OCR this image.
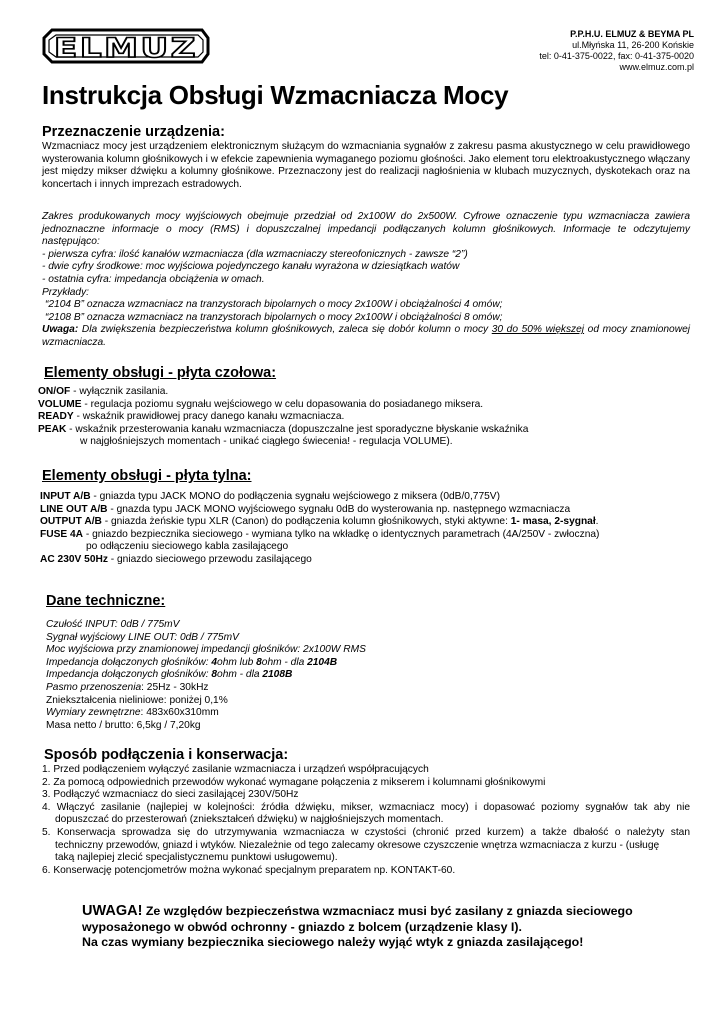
ELMUZ	P.P.H.U. ELMUZ & BEYMA PL
ul.Młyńska 11, 26-200 Końskie
tel: 0-41-375-0022, fax: 0-41-375-0020
www.elmuz.com.pl
Instrukcja Obsługi Wzmacniacza Mocy
Przeznaczenie urządzenia:
Wzmacniacz mocy jest urządzeniem elektronicznym służącym do wzmacniania sygnałów z zakresu pasma akustycznego w celu prawidłowego wysterowania kolumn głośnikowych i w efekcie zapewnienia wymaganego poziomu głośności. Jako element toru elektroakustycznego włączany jest między mikser dźwięku a kolumny głośnikowe. Przeznaczony jest do realizacji nagłośnienia w klubach muzycznych, dyskotekach oraz na koncertach i innych imprezach estradowych.

Zakres produkowanych mocy wyjściowych obejmuje przedział od 2x100W do 2x500W. Cyfrowe oznaczenie typu wzmacniacza zawiera jednoznaczne informacje o mocy (RMS) i dopuszczalnej impedancji podłączanych kolumn głośnikowych. Informacje te odczytujemy następująco:

- pierwsza cyfra: ilość kanałów wzmacniacza (dla wzmacniaczy stereofonicznych - zawsze “2”)

- dwie cyfry środkowe: moc wyjściowa pojedynczego kanału wyrażona w dziesiątkach watów

- ostatnia cyfra: impedancja obciążenia w omach.

Przykłady:

“2104 B” oznacza wzmacniacz na tranzystorach bipolarnych o mocy 2x100W i obciążalności 4 omów;

“2108 B” oznacza wzmacniacz na tranzystorach bipolarnych o mocy 2x100W i obciążalności 8 omów;

Uwaga: Dla zwiększenia bezpieczeństwa kolumn głośnikowych, zaleca się dobór kolumn o mocy 30 do 50% większej od mocy znamionowej wzmacniacza.

Elementy obsługi - płyta czołowa:

ON/OF - wyłącznik zasilania.

VOLUME - regulacja poziomu sygnału wejściowego w celu dopasowania do posiadanego miksera.

READY - wskaźnik prawidłowej pracy danego kanału wzmacniacza.

PEAK - wskaźnik przesterowania kanału wzmacniacza (dopuszczalne jest sporadyczne błyskanie wskaźnika

w najgłośniejszych momentach - unikać ciągłego świecenia! - regulacja VOLUME).

Elementy obsługi - płyta tylna:

INPUT A/B - gniazda typu JACK MONO do podłączenia sygnału wejściowego z miksera (0dB/0,775V)

LINE OUT A/B - gnazda typu JACK MONO wyjściowego sygnału 0dB do wysterowania np. następnego wzmacniacza

OUTPUT A/B - gniazda żeńskie typu XLR (Canon) do podłączenia kolumn głośnikowych, styki aktywne: 1- masa, 2-sygnał.

FUSE 4A - gniazdo bezpiecznika sieciowego - wymiana tylko na wkładkę o identycznych parametrach (4A/250V - zwłoczna)

po odłączeniu sieciowego kabla zasilającego

AC 230V 50Hz - gniazdo sieciowego przewodu zasilającego

Dane techniczne:

Czułość INPUT: 0dB / 775mV

Sygnał wyjściowy LINE OUT: 0dB / 775mV

Moc wyjściowa przy znamionowej impedancji głośników: 2x100W RMS

Impedancja dołączonych głośników: 4ohm lub 8ohm - dla 2104B

Impedancja dołączonych głośników: 8ohm - dla 2108B

Pasmo przenoszenia: 25Hz - 30kHz

Zniekształcenia nieliniowe: poniżej 0,1%

Wymiary zewnętrzne: 483x60x310mm

Masa netto / brutto: 6,5kg / 7,20kg

Sposób podłączenia i konserwacja:

1. Przed podłączeniem wyłączyć zasilanie wzmacniacza i urządzeń współpracujących

2. Za pomocą odpowiednich przewodów wykonać wymagane połączenia z mikserem i kolumnami głośnikowymi

3. Podłączyć wzmacniacz do sieci zasilającej 230V/50Hz

4. Włączyć zasilanie (najlepiej w kolejności: źródła dźwięku, mikser, wzmacniacz mocy) i dopasować poziomy sygnałów tak aby nie

dopuszczać do przesterowań (zniekształceń dźwięku) w najgłośniejszych momentach.

5. Konserwacja sprowadza się do utrzymywania wzmacniacza w czystości (chronić przed kurzem) a także dbałość o należyty stan

techniczny przewodów, gniazd i wtyków. Niezależnie od tego zalecamy okresowe czyszczenie wnętrza wzmacniacza z kurzu - (usługę

taką najlepiej zlecić specjalistycznemu punktowi usługowemu).

6. Konserwację potencjometrów można wykonać specjalnym preparatem np. KONTAKT-60.

UWAGA! Ze względów bezpieczeństwa wzmacniacz musi być zasilany z gniazda sieciowego
wyposażonego w obwód ochronny - gniazdo z bolcem (urządzenie klasy I).
Na czas wymiany bezpiecznika sieciowego należy wyjąć wtyk z gniazda zasilającego!
